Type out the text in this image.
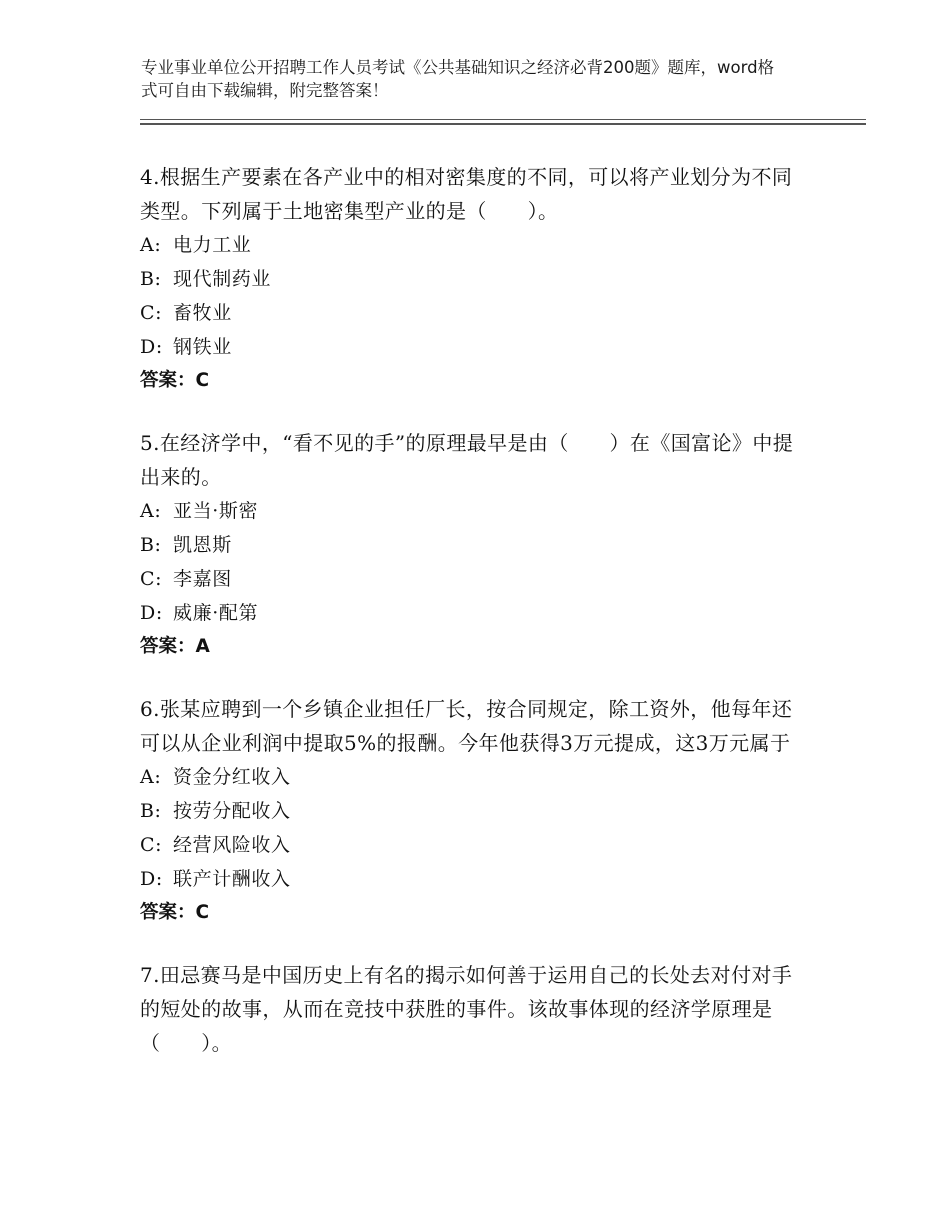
专业事业单位公开招聘工作人员考试《公共基础知识之经济必背200题》题库，word格式可自由下载编辑，附完整答案！
4.根据生产要素在各产业中的相对密集度的不同，可以将产业划分为不同类型。下列属于土地密集型产业的是（　　）。
A: 电力工业
B: 现代制药业
C: 畜牧业
D: 钢铁业
答案：C
5.在经济学中，“看不见的手”的原理最早是由（　　）在《国富论》中提出来的。
A: 亚当·斯密
B: 凯恩斯
C: 李嘉图
D: 威廉·配第
答案：A
6.张某应聘到一个乡镇企业担任厂长，按合同规定，除工资外，他每年还可以从企业利润中提取5%的报酬。今年他获得3万元提成，这3万元属于
A: 资金分红收入
B: 按劳分配收入
C: 经营风险收入
D: 联产计酬收入
答案：C
7.田忌赛马是中国历史上有名的揭示如何善于运用自己的长处去对付对手的短处的故事，从而在竞技中获胜的事件。该故事体现的经济学原理是（　　）。
